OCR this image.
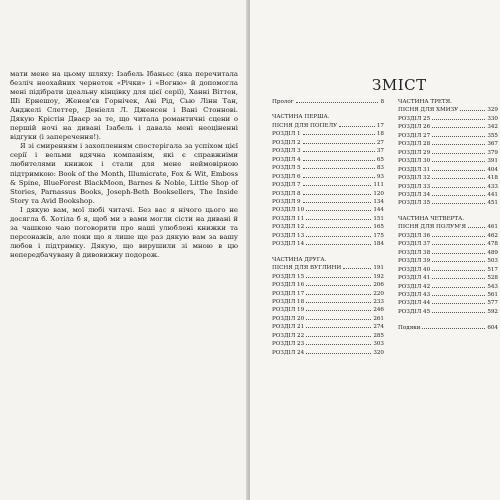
мати мене на цьому шляху: Ізабель Ібаньєс (яка перечитала безліч неохайних чернеток «Річки» і «Вогню» й допомогла мені підібрати ідеальну кінцівку для цієї серії), Ханні Віттен, Ші Ернешоу, Женев'єв Горнічек, Аві Рід, Сью Лінн Тан, Анджелі Слеттер, Деніелл Л. Дженсен і Вані Стоннові. Дякую Крістін Дваєр за те, що читала романтичні сцени о першій ночі на дивані Ізабель і давала мені неоціненні відгуки (і заперечення!).

Я зі смиренням і захопленням спостерігала за успіхом цієї серії і вельми вдячна компаніям, які є справжніми любителями книжок і стали для мене неймовірною підтримкою: Book of the Month, Illumicrate, Fox & Wit, Emboss & Spine, BlueForest BlackMoon, Barnes & Noble, Little Shop of Stories, Parnassus Books, Joseph-Beth Booksellers, The Inside Story та Avid Bookshop.

І дякую вам, мої любі читачі. Без вас я нічого цього не досягла б. Хотіла б я, щоб ми з вами могли сісти на дивані й за чашкою чаю поговорити про наші улюблені книжки та персонажів, але поки що я лише ще раз дякую вам за вашу любов і підтримку. Дякую, що вирушили зі мною в цю непередбачувану й дивовижну подорож.

ЗМІСТ
Пролог	8
ЧАСТИНА ПЕРША.
ПІСНЯ ДЛЯ ПОПЕЛУ	17
РОЗДІЛ 1	18
РОЗДІЛ 2	27
РОЗДІЛ 3	37
РОЗДІЛ 4	65
РОЗДІЛ 5	83
РОЗДІЛ 6	93
РОЗДІЛ 7	111
РОЗДІЛ 8	120
РОЗДІЛ 9	134
РОЗДІЛ 10	144
РОЗДІЛ 11	151
РОЗДІЛ 12	165
РОЗДІЛ 13	175
РОЗДІЛ 14	184
ЧАСТИНА ДРУГА.
ПІСНЯ ДЛЯ ВУГЛИНИ	191
РОЗДІЛ 15	192
РОЗДІЛ 16	206
РОЗДІЛ 17	220
РОЗДІЛ 18	233
РОЗДІЛ 19	246
РОЗДІЛ 20	261
РОЗДІЛ 21	274
РОЗДІЛ 22	285
РОЗДІЛ 23	303
РОЗДІЛ 24	320
ЧАСТИНА ТРЕТЯ.
ПІСНЯ ДЛЯ ХМИЗУ	329
РОЗДІЛ 25	330
РОЗДІЛ 26	342
РОЗДІЛ 27	355
РОЗДІЛ 28	367
РОЗДІЛ 29	379
РОЗДІЛ 30	391
РОЗДІЛ 31	404
РОЗДІЛ 32	418
РОЗДІЛ 33	433
РОЗДІЛ 34	441
РОЗДІЛ 35	451
ЧАСТИНА ЧЕТВЕРТА.
ПІСНЯ ДЛЯ ПОЛУМ'Я	461
РОЗДІЛ 36	462
РОЗДІЛ 37	478
РОЗДІЛ 38	489
РОЗДІЛ 39	503
РОЗДІЛ 40	517
РОЗДІЛ 41	528
РОЗДІЛ 42	543
РОЗДІЛ 43	561
РОЗДІЛ 44	577
РОЗДІЛ 45	592
Подяки	604
